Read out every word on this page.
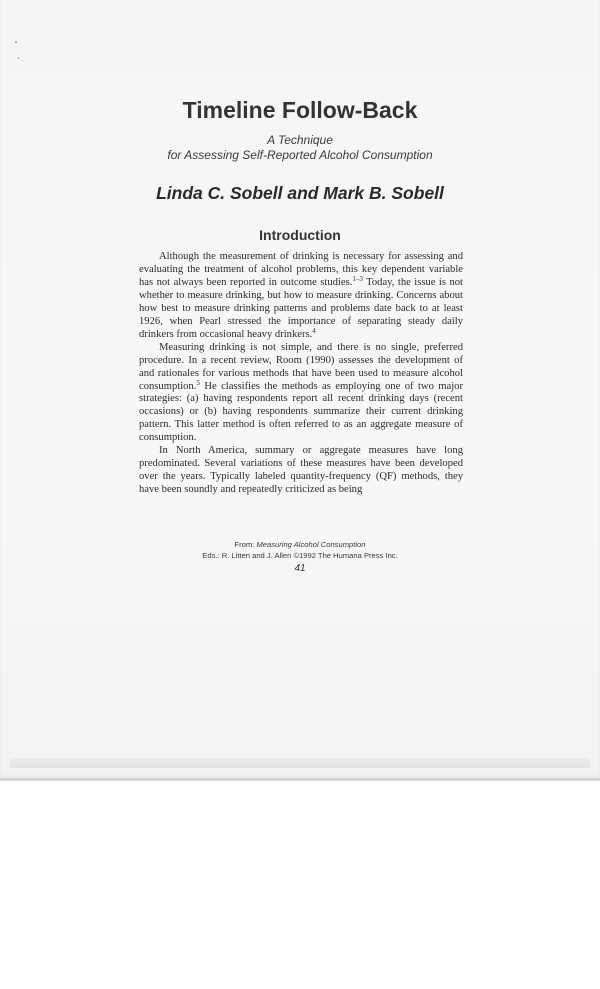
Timeline Follow-Back
A Technique
for Assessing Self-Reported Alcohol Consumption
Linda C. Sobell and Mark B. Sobell
Introduction

Although the measurement of drinking is necessary for assessing and evaluating the treatment of alcohol problems, this key dependent variable has not always been reported in outcome studies.$^{1-3}$ Today, the issue is not whether to measure drinking, but how to measure drinking. Concerns about how best to measure drinking patterns and problems date back to at least 1926, when Pearl stressed the importance of separating steady daily drinkers from occasional heavy drinkers.$^4$

Measuring drinking is not simple, and there is no single, preferred procedure. In a recent review, Room (1990) assesses the development of and rationales for various methods that have been used to measure alcohol consumption.$^5$ He classifies the methods as employing one of two major strategies: (a) having respondents report all recent drinking days (recent occasions) or (b) having respondents summarize their current drinking pattern. This latter method is often referred to as an aggregate measure of consumption.

In North America, summary or aggregate measures have long predominated. Several variations of these measures have been developed over the years. Typically labeled quantity-frequency (QF) methods, they have been soundly and repeatedly criticized as being

From: Measuring Alcohol Consumption
Eds.: R. Litten and J. Allen ©1992 The Humana Press Inc.
41
